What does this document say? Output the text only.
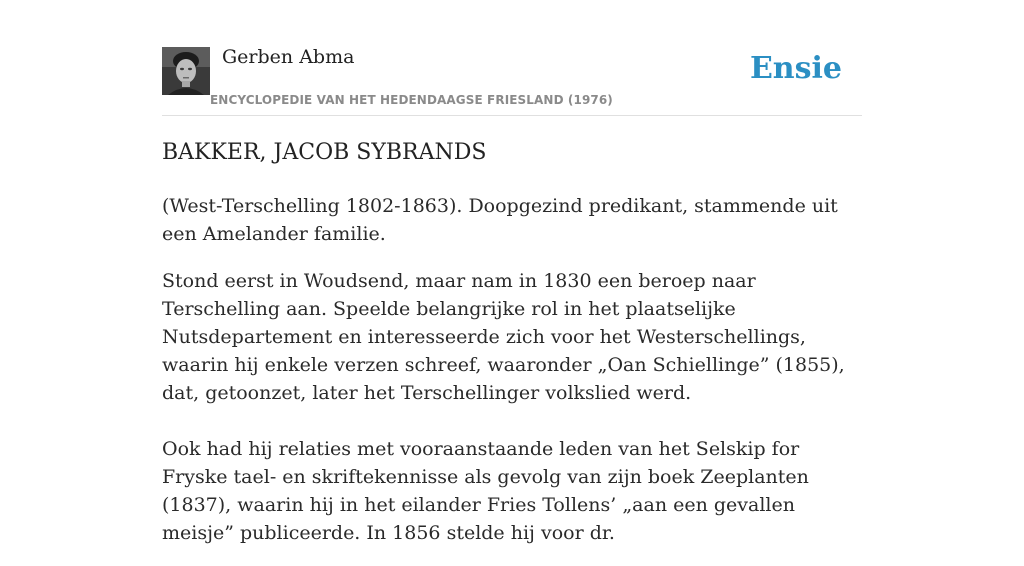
Gerben Abma
ENCYCLOPEDIE VAN HET HEDENDAAGSE FRIESLAND (1976)
Ensie
BAKKER, JACOB SYBRANDS

(West-Terschelling 1802-1863). Doopgezind predikant, stammende uit een Amelander familie.

Stond eerst in Woudsend, maar nam in 1830 een beroep naar Terschelling aan. Speelde belangrijke rol in het plaatselijke Nutsdepartement en interesseerde zich voor het Westerschellings, waarin hij enkele verzen schreef, waaronder „Oan Schiellinge” (1855), dat, getoonzet, later het Terschellinger volkslied werd.

Ook had hij relaties met vooraanstaande leden van het Selskip for Fryske tael- en skriftekennisse als gevolg van zijn boek Zeeplanten (1837), waarin hij in het eilander Fries Tollens’ „aan een gevallen meisje” publiceerde. In 1856 stelde hij voor dr.
